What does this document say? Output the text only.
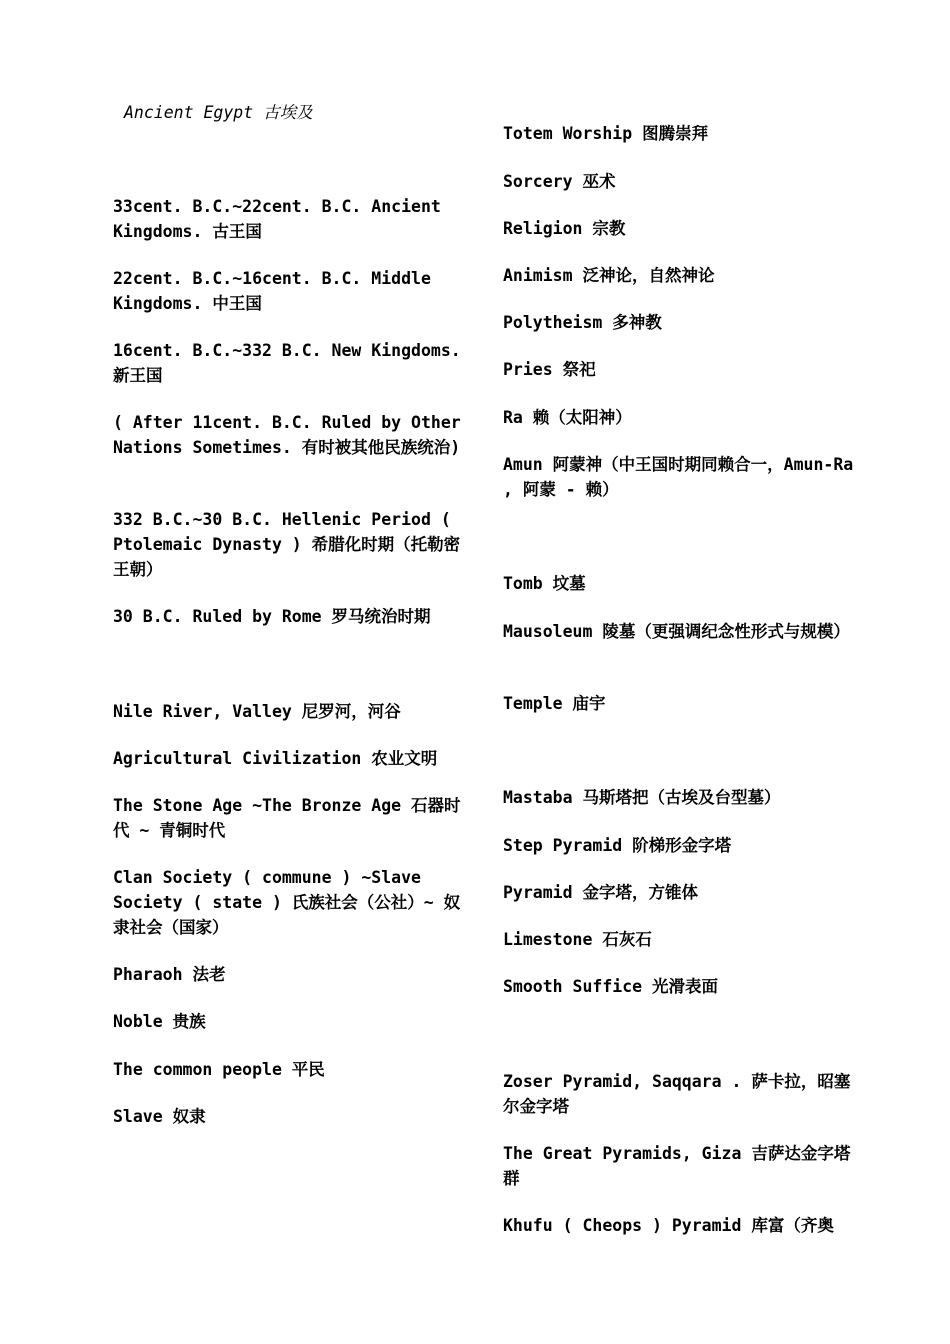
Ancient Egypt 古埃及

33cent. B.C.~22cent. B.C. Ancient Kingdoms. 古王国

22cent. B.C.~16cent. B.C. Middle Kingdoms. 中王国

16cent. B.C.~332 B.C. New Kingdoms. 新王国

( After 11cent. B.C. Ruled by Other Nations Sometimes. 有时被其他民族统治)

332 B.C.~30 B.C. Hellenic Period ( Ptolemaic Dynasty ) 希腊化时期（托勒密王朝）

30 B.C. Ruled by Rome 罗马统治时期

Nile River, Valley 尼罗河，河谷

Agricultural Civilization 农业文明

The Stone Age ~The Bronze Age 石器时代 ~ 青铜时代

Clan Society ( commune ) ~Slave Society ( state ) 氏族社会（公社）~ 奴隶社会（国家）

Pharaoh 法老

Noble 贵族

The common people 平民

Slave 奴隶

Totem Worship 图腾崇拜

Sorcery 巫术

Religion 宗教

Animism 泛神论，自然神论

Polytheism 多神教

Pries 祭祀

Ra 赖（太阳神）

Amun 阿蒙神（中王国时期同赖合一，Amun-Ra , 阿蒙 - 赖）

Tomb 坟墓

Mausoleum 陵墓（更强调纪念性形式与规模）

Temple 庙宇

Mastaba 马斯塔把（古埃及台型墓）

Step Pyramid 阶梯形金字塔

Pyramid 金字塔，方锥体

Limestone 石灰石

Smooth Suffice 光滑表面

Zoser Pyramid, Saqqara . 萨卡拉，昭塞尔金字塔

The Great Pyramids, Giza 吉萨达金字塔群

Khufu ( Cheops ) Pyramid 库富（齐奥
